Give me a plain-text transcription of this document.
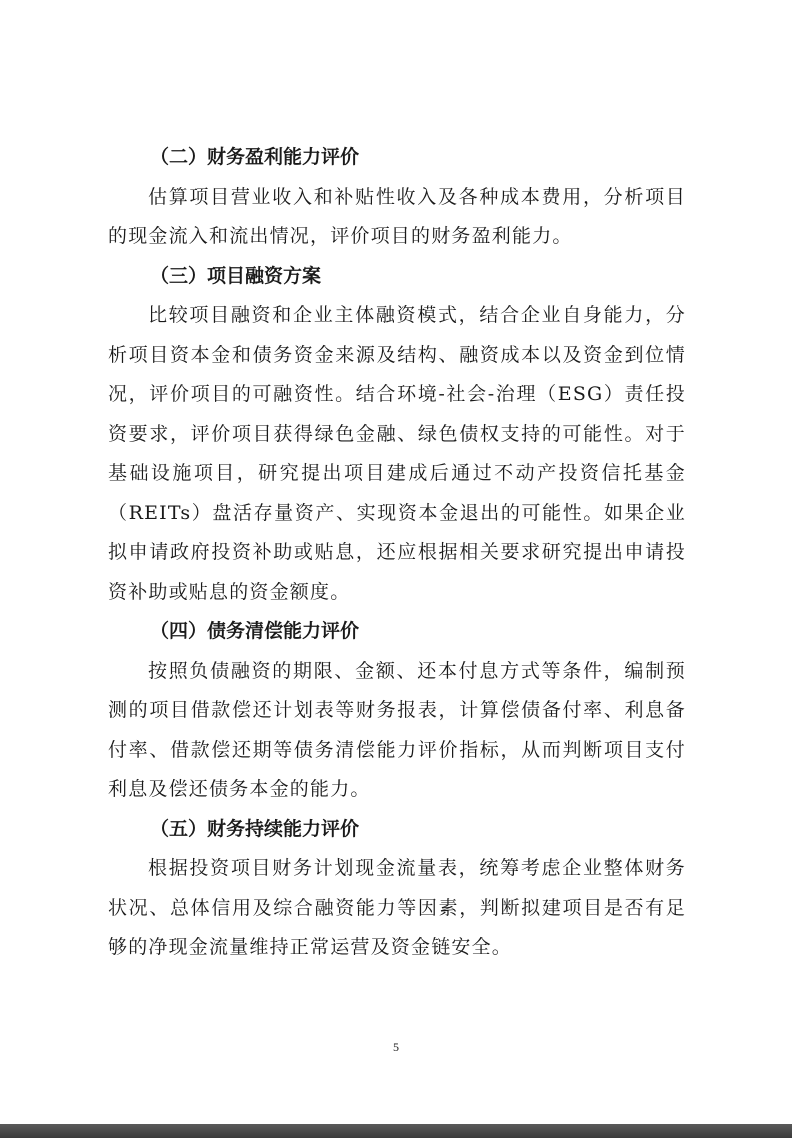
（二）财务盈利能力评价

估算项目营业收入和补贴性收入及各种成本费用，分析项目的现金流入和流出情况，评价项目的财务盈利能力。

（三）项目融资方案

比较项目融资和企业主体融资模式，结合企业自身能力，分析项目资本金和债务资金来源及结构、融资成本以及资金到位情况，评价项目的可融资性。结合环境-社会-治理（ESG）责任投资要求，评价项目获得绿色金融、绿色债权支持的可能性。对于基础设施项目，研究提出项目建成后通过不动产投资信托基金（REITs）盘活存量资产、实现资本金退出的可能性。如果企业拟申请政府投资补助或贴息，还应根据相关要求研究提出申请投资补助或贴息的资金额度。

（四）债务清偿能力评价

按照负债融资的期限、金额、还本付息方式等条件，编制预测的项目借款偿还计划表等财务报表，计算偿债备付率、利息备付率、借款偿还期等债务清偿能力评价指标，从而判断项目支付利息及偿还债务本金的能力。

（五）财务持续能力评价

根据投资项目财务计划现金流量表，统筹考虑企业整体财务状况、总体信用及综合融资能力等因素，判断拟建项目是否有足够的净现金流量维持正常运营及资金链安全。

5
